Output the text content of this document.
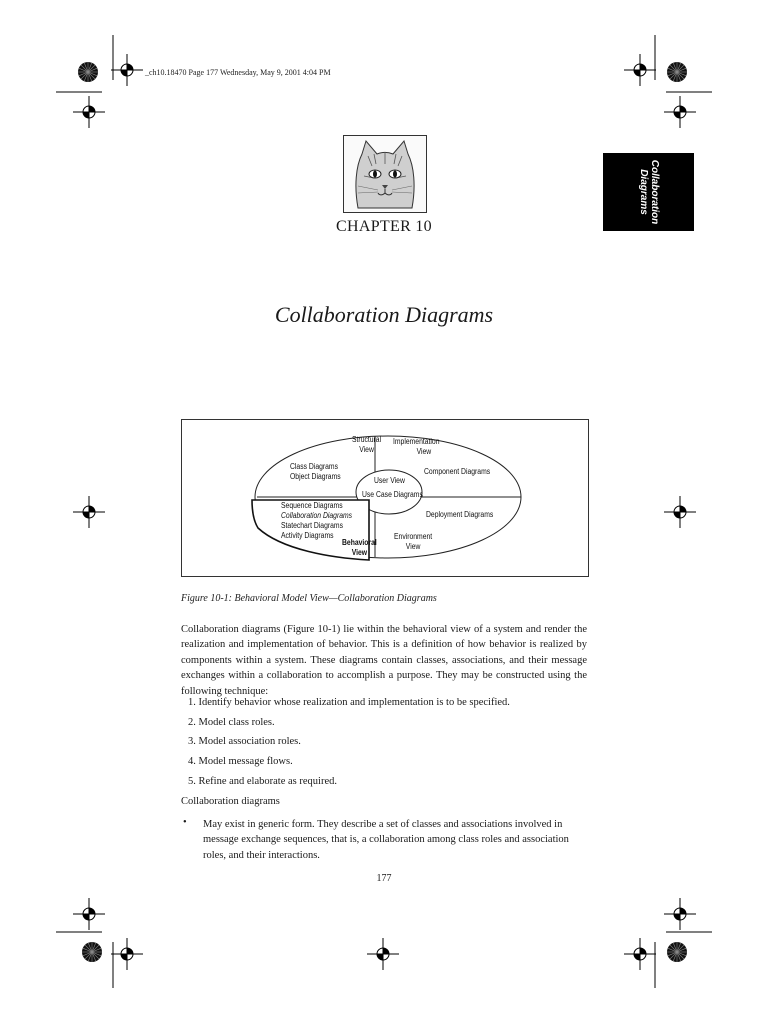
_ch10.18470 Page 177 Wednesday, May 9, 2001 4:04 PM
Collaboration
Diagrams
CHAPTER 10
Collaboration Diagrams
Structural
View
Implementation
View
Class Diagrams
Object Diagrams	User View
Use Case Diagrams
Component Diagrams
Sequence Diagrams
Collaboration Diagrams
Statechart Diagrams
Activity Diagrams
Behavioral
View
Deployment Diagrams
Environment
View
Figure 10-1: Behavioral Model View—Collaboration Diagrams
Collaboration diagrams (Figure 10-1) lie within the behavioral view of a system and render the realization and implementation of behavior. This is a definition of how behavior is realized by components within a system. These diagrams contain classes, associations, and their message exchanges within a collaboration to accomplish a purpose. They may be constructed using the following technique:
1. Identify behavior whose realization and implementation is to be specified.
2. Model class roles.
3. Model association roles.
4. Model message flows.
5. Refine and elaborate as required.
Collaboration diagrams
• May exist in generic form. They describe a set of classes and associations involved in message exchange sequences, that is, a collaboration among class roles and association roles, and their interactions.
177
